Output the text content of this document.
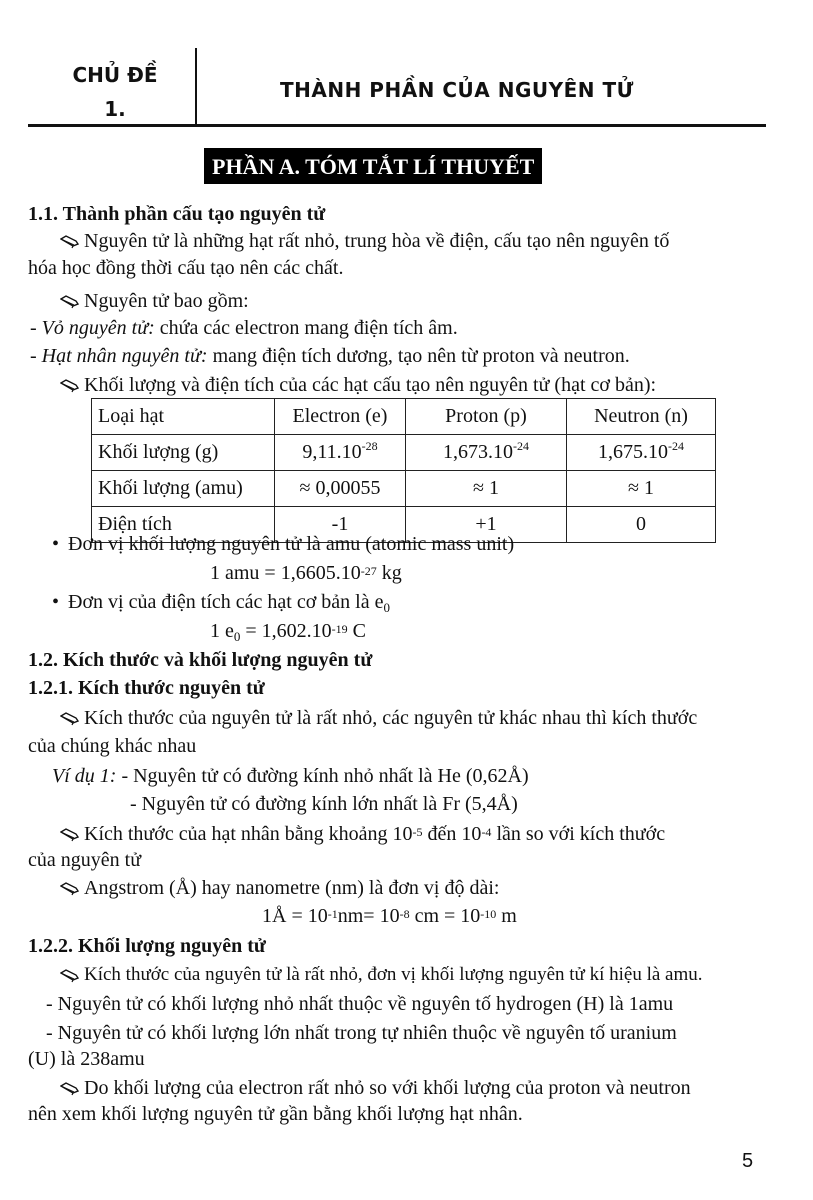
CHỦ ĐỀ
1.
THÀNH PHẦN CỦA NGUYÊN TỬ
PHẦN A. TÓM TẮT LÍ THUYẾT
1.1. Thành phần cấu tạo nguyên tử
Nguyên tử là những hạt rất nhỏ, trung hòa về điện, cấu tạo nên nguyên tố
hóa học đồng thời cấu tạo nên các chất.
Nguyên tử bao gồm:
- Vỏ nguyên tử: chứa các electron mang điện tích âm.
- Hạt nhân nguyên tử: mang điện tích dương, tạo nên từ proton và neutron.
Khối lượng và điện tích của các hạt cấu tạo nên nguyên tử (hạt cơ bản):
Loại hạt	Electron (e)	Proton (p)	Neutron (n)
Khối lượng (g)	$9,11.10^{-28}$	$1,673.10^{-24}$	$1,675.10^{-24}$
Khối lượng (amu)	≈ 0,00055	≈ 1	≈ 1
Điện tích	-1	+1	0
• Đơn vị khối lượng nguyên tử là amu (atomic mass unit)
1 amu = $1,6605.10^{-27}$ kg
• Đơn vị của điện tích các hạt cơ bản là $e_0$
1 $e_0 = 1,602.10^{-19}$ C
1.2. Kích thước và khối lượng nguyên tử
1.2.1. Kích thước nguyên tử
Kích thước của nguyên tử là rất nhỏ, các nguyên tử khác nhau thì kích thước
của chúng khác nhau
Ví dụ 1: - Nguyên tử có đường kính nhỏ nhất là He (0,62Å)
- Nguyên tử có đường kính lớn nhất là Fr (5,4Å)
Kích thước của hạt nhân bằng khoảng $10^{-5}$ đến $10^{-4}$ lần so với kích thước
của nguyên tử
Angstrom (Å) hay nanometre (nm) là đơn vị độ dài:
1Å = $10^{-1}nm= 10^{-8}$ cm = $10^{-10}$ m
1.2.2. Khối lượng nguyên tử
Kích thước của nguyên tử là rất nhỏ, đơn vị khối lượng nguyên tử kí hiệu là amu.
- Nguyên tử có khối lượng nhỏ nhất thuộc về nguyên tố hydrogen (H) là 1amu
- Nguyên tử có khối lượng lớn nhất trong tự nhiên thuộc về nguyên tố uranium
(U) là 238amu
Do khối lượng của electron rất nhỏ so với khối lượng của proton và neutron
nên xem khối lượng nguyên tử gần bằng khối lượng hạt nhân.
5
